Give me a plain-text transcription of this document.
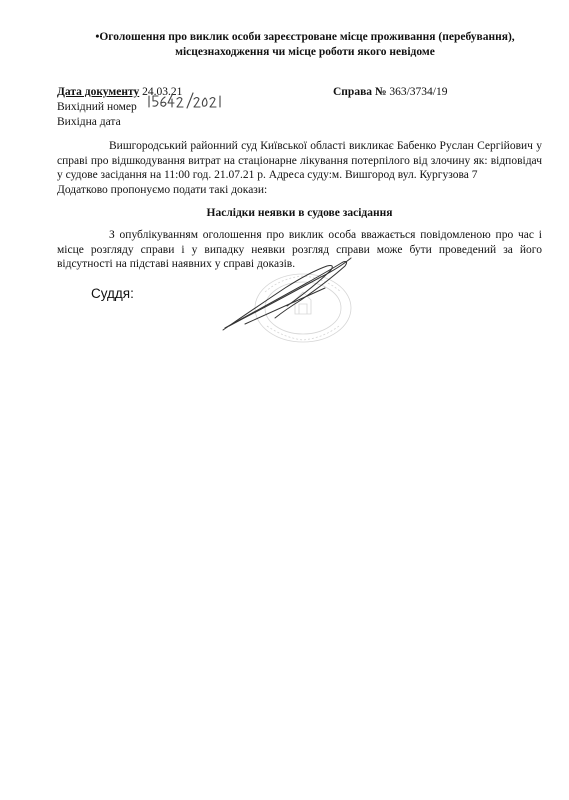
•Оголошення про виклик особи зареєстроване місце проживання (перебування),
місцезнаходження чи місце роботи якого невідоме
Дата документу 24.03.21
Вихідний номер
Вихідна дата
Справа № 363/3734/19

Вишгородський районний суд Київської області викликає Бабенко Руслан Сергійович у справі про відшкодування витрат на стаціонарне лікування потерпілого від злочину як: відповідач у судове засідання на 11:00 год. 21.07.21 р. Адреса суду:м. Вишгород вул. Кургузова 7

Додатково пропонуємо подати такі докази:

Наслідки неявки в судове засідання

З опублікуванням оголошення про виклик особа вважається повідомленою про час і місце розгляду справи і у випадку неявки розгляд справи може бути проведений за його відсутності на підставі наявних у справі доказів.

Суддя:
